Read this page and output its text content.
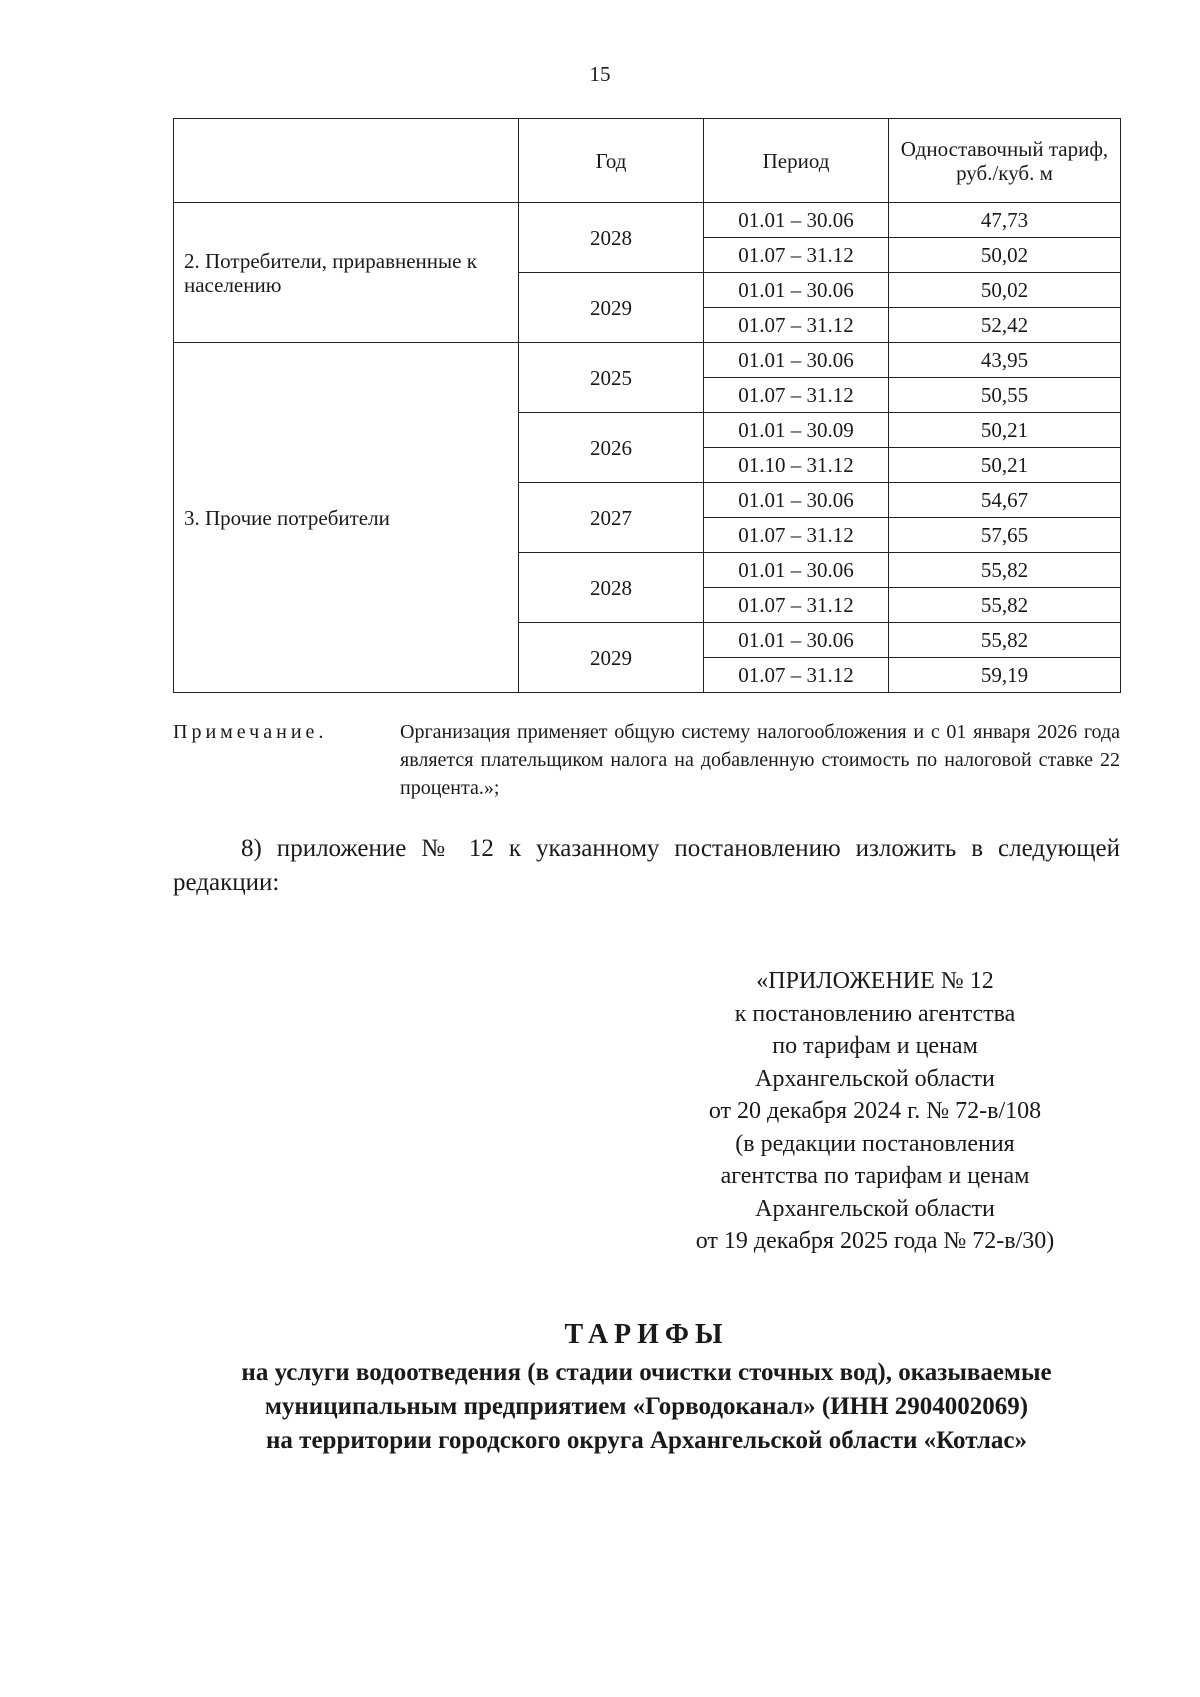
15
	Год	Период	Одноставочный тариф, руб./куб. м
2. Потребители, приравненные к населению	2028	01.01 – 30.06	47,73
		01.07 – 31.12	50,02
	2029	01.01 – 30.06	50,02
		01.07 – 31.12	52,42
3. Прочие потребители	2025	01.01 – 30.06	43,95
		01.07 – 31.12	50,55
	2026	01.01 – 30.09	50,21
		01.10 – 31.12	50,21
	2027	01.01 – 30.06	54,67
		01.07 – 31.12	57,65
	2028	01.01 – 30.06	55,82
		01.07 – 31.12	55,82
	2029	01.01 – 30.06	55,82
		01.07 – 31.12	59,19
Примечание.	Организация применяет общую систему налогообложения и с 01 января 2026 года является плательщиком налога на добавленную стоимость по налоговой ставке 22 процента.»;
8) приложение № 12 к указанному постановлению изложить в следующей редакции:
«ПРИЛОЖЕНИЕ № 12
к постановлению агентства
по тарифам и ценам
Архангельской области
от 20 декабря 2024 г. № 72-в/108
(в редакции постановления
агентства по тарифам и ценам
Архангельской области
от 19 декабря 2025 года № 72-в/30)
ТАРИФЫ
на услуги водоотведения (в стадии очистки сточных вод), оказываемые
муниципальным предприятием «Горводоканал» (ИНН 2904002069)
на территории городского округа Архангельской области «Котлас»
